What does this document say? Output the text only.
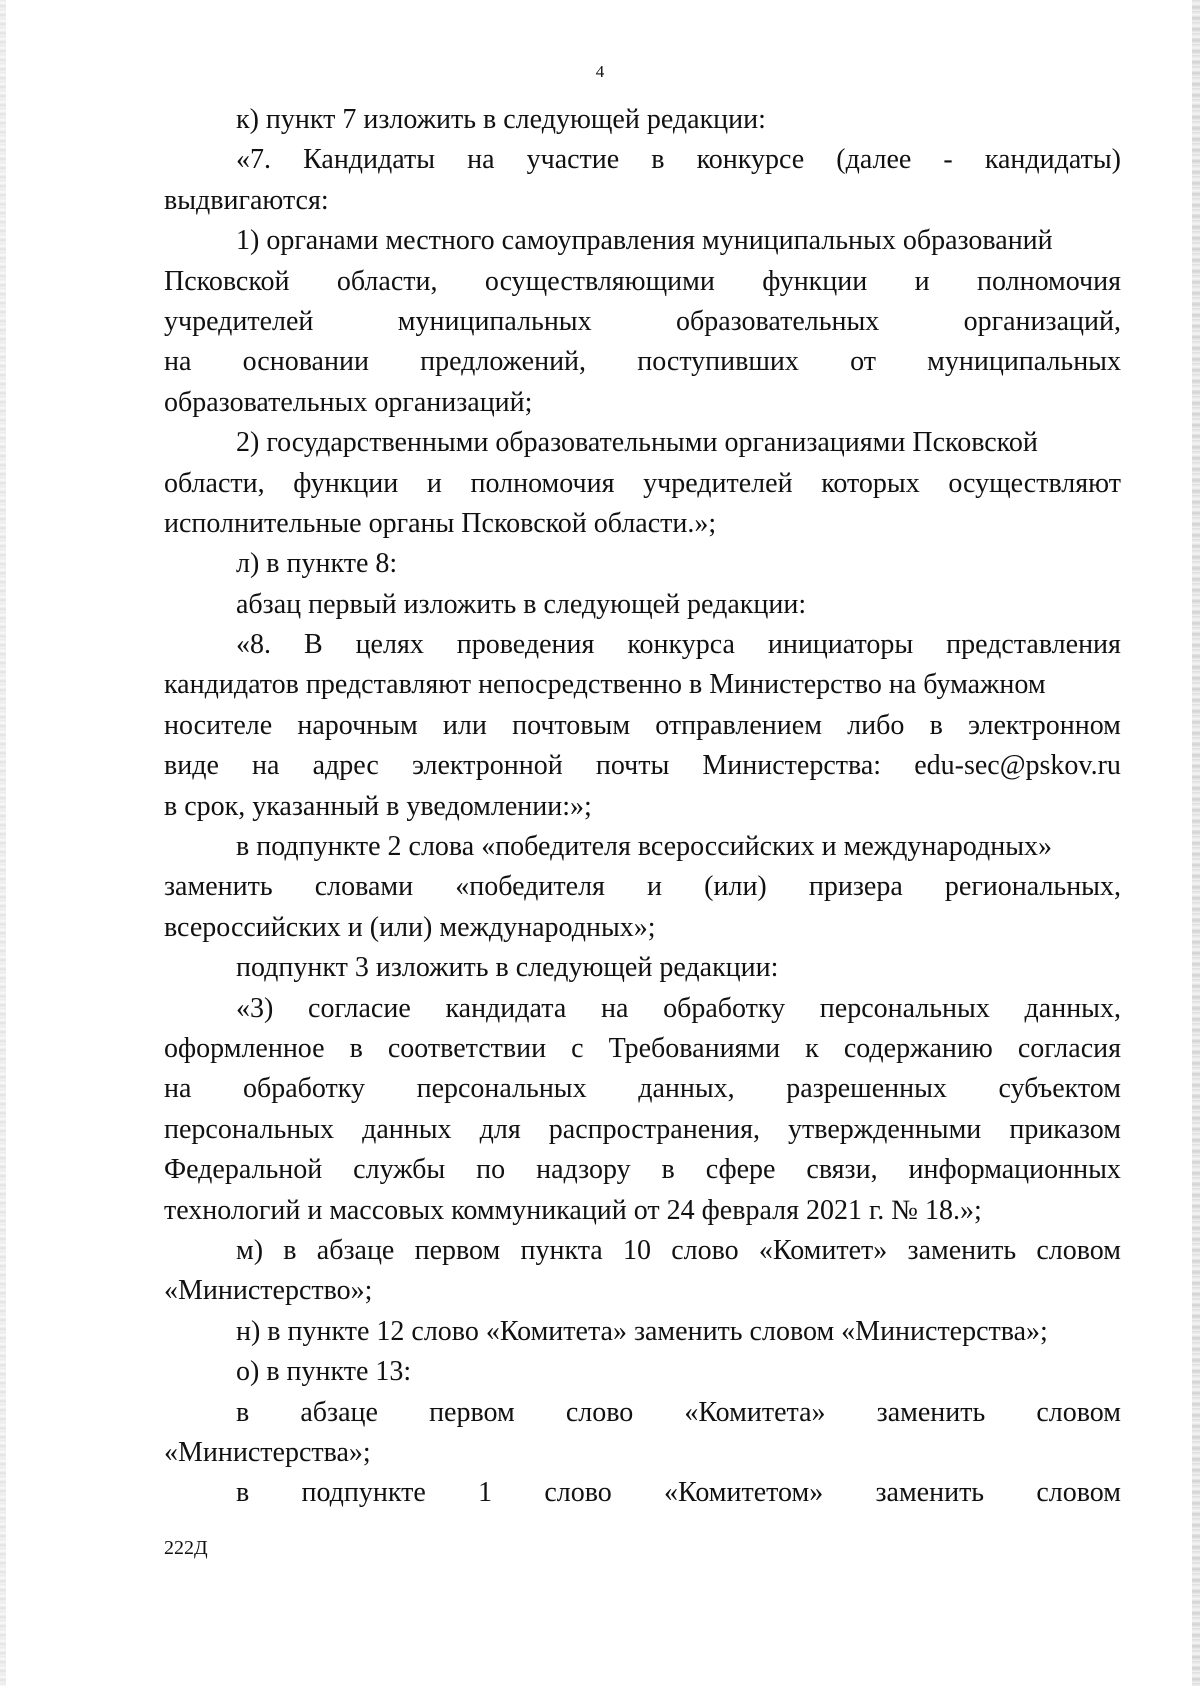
4
к) пункт 7 изложить в следующей редакции:
«7. Кандидаты на участие в конкурсе (далее - кандидаты)
выдвигаются:
1) органами местного самоуправления муниципальных образований
Псковской области, осуществляющими функции и полномочия
учредителей	муниципальных	образовательных	организаций,
на основании предложений, поступивших от муниципальных
образовательных организаций;
2) государственными образовательными организациями Псковской
области, функции и полномочия учредителей которых осуществляют
исполнительные органы Псковской области.»;
л) в пункте 8:
абзац первый изложить в следующей редакции:
«8. В целях проведения конкурса инициаторы представления
кандидатов представляют непосредственно в Министерство на бумажном
носителе нарочным или почтовым отправлением либо в электронном
виде на адрес электронной почты Министерства: edu-sec@pskov.ru
в срок, указанный в уведомлении:»;
в подпункте 2 слова «победителя всероссийских и международных»
заменить словами «победителя и (или) призера региональных,
всероссийских и (или) международных»;
подпункт 3 изложить в следующей редакции:
«3) согласие кандидата на обработку персональных данных,
оформленное в соответствии с Требованиями к содержанию согласия
на обработку персональных данных, разрешенных субъектом
персональных данных для распространения, утвержденными приказом
Федеральной службы по надзору в сфере связи, информационных
технологий и массовых коммуникаций от 24 февраля 2021 г. № 18.»;
м) в абзаце первом пункта 10 слово «Комитет» заменить словом
«Министерство»;
н) в пункте 12 слово «Комитета» заменить словом «Министерства»;
о) в пункте 13:
в абзаце первом слово «Комитета» заменить словом
«Министерства»;
в подпункте 1 слово «Комитетом» заменить словом
222Д
